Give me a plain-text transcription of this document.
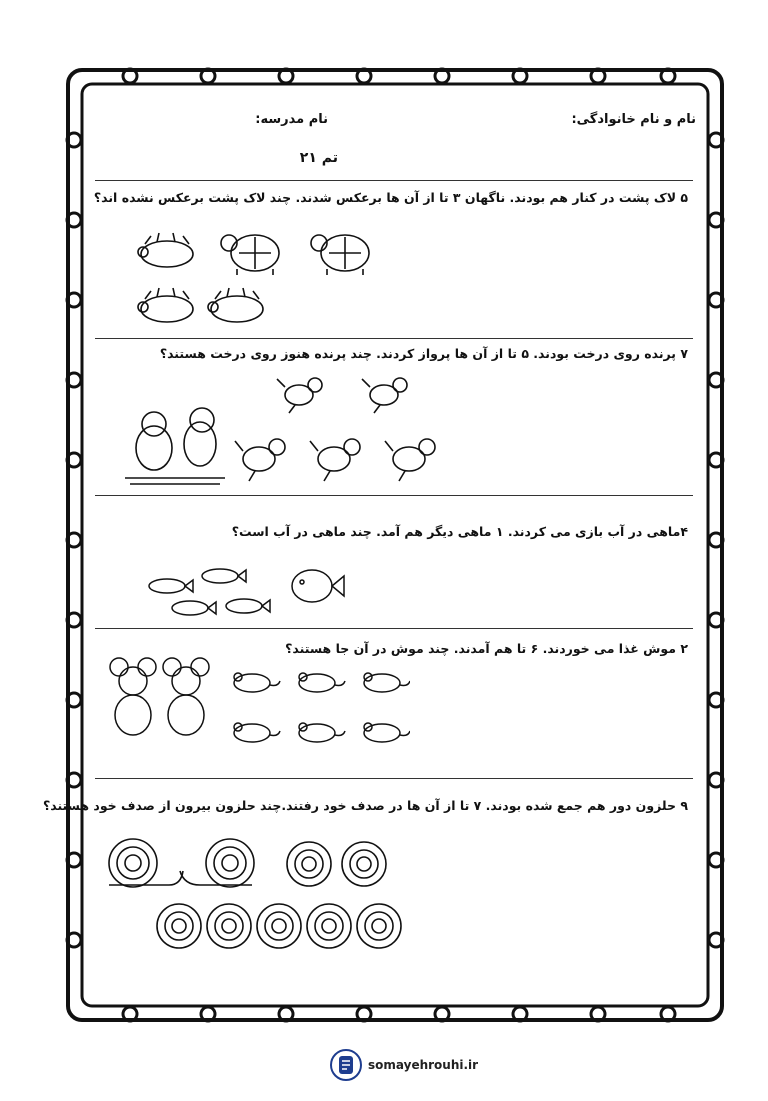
نام و نام خانوادگی:
نام مدرسه:
تم ۲۱
۵ لاک پشت در کنار هم بودند. ناگهان ۳ تا از آن ها برعکس شدند. چند لاک پشت برعکس نشده اند؟
۷ پرنده روی درخت بودند. ۵ تا از آن ها پرواز کردند. چند پرنده هنوز روی درخت هستند؟
۴ماهی در آب بازی می کردند. ۱ ماهی دیگر هم آمد. چند ماهی در آب است؟
۲ موش غذا می خوردند. ۶ تا هم آمدند. چند موش در آن جا هستند؟
۹ حلزون دور هم جمع شده بودند. ۷ تا از آن ها در صدف خود رفتند.چند حلزون بیرون از صدف خود هستند؟
somayehrouhi.ir
